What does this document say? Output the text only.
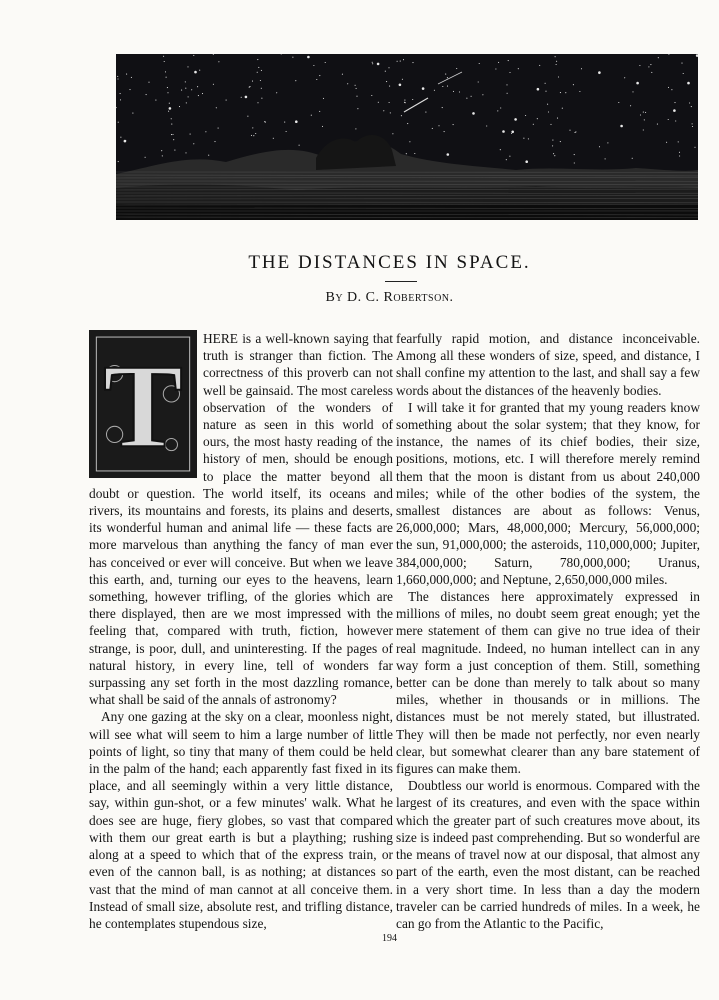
THE DISTANCES IN SPACE.
By D. C. Robertson.

T
HERE is a well-known saying that truth is stranger than fiction. The correctness of this proverb can not well be gainsaid. The most careless observation of the wonders of nature as seen in this world of ours, the most hasty reading of the history of men, should be enough to place the matter beyond all doubt or question. The world itself, its oceans and rivers, its mountains and forests, its plains and deserts, its wonderful human and animal life — these facts are more marvelous than anything the fancy of man ever has conceived or ever will conceive. But when we leave this earth, and, turning our eyes to the heavens, learn something, however trifling, of the glories which are there displayed, then are we most impressed with the feeling that, compared with truth, fiction, however strange, is poor, dull, and uninteresting. If the pages of natural history, in every line, tell of wonders far surpassing any set forth in the most dazzling romance, what shall be said of the annals of astronomy?

Any one gazing at the sky on a clear, moonless night, will see what will seem to him a large number of little points of light, so tiny that many of them could be held in the palm of the hand; each apparently fast fixed in its place, and all seemingly within a very little distance, say, within gun-shot, or a few minutes' walk. What he does see are huge, fiery globes, so vast that compared with them our great earth is but a plaything; rushing along at a speed to which that of the express train, or even of the cannon ball, is as nothing; at distances so vast that the mind of man cannot at all conceive them. Instead of small size, absolute rest, and trifling distance, he contemplates stupendous size,

fearfully rapid motion, and distance inconceivable. Among all these wonders of size, speed, and distance, I shall confine my attention to the last, and shall say a few words about the distances of the heavenly bodies.

I will take it for granted that my young readers know something about the solar system; that they know, for instance, the names of its chief bodies, their size, positions, motions, etc. I will therefore merely remind them that the moon is distant from us about 240,000 miles; while of the other bodies of the system, the smallest distances are about as follows: Venus, 26,000,000; Mars, 48,000,000; Mercury, 56,000,000; the sun, 91,000,000; the asteroids, 110,000,000; Jupiter, 384,000,000; Saturn, 780,000,000; Uranus, 1,660,000,000; and Neptune, 2,650,000,000 miles.

The distances here approximately expressed in millions of miles, no doubt seem great enough; yet the mere statement of them can give no true idea of their real magnitude. Indeed, no human intellect can in any way form a just conception of them. Still, something better can be done than merely to talk about so many miles, whether in thousands or in millions. The distances must be not merely stated, but illustrated. They will then be made not perfectly, nor even nearly clear, but somewhat clearer than any bare statement of figures can make them.

Doubtless our world is enormous. Compared with the largest of its creatures, and even with the space within which the greater part of such creatures move about, its size is indeed past comprehending. But so wonderful are the means of travel now at our disposal, that almost any part of the earth, even the most distant, can be reached in a very short time. In less than a day the modern traveler can be carried hundreds of miles. In a week, he can go from the Atlantic to the Pacific,

194
